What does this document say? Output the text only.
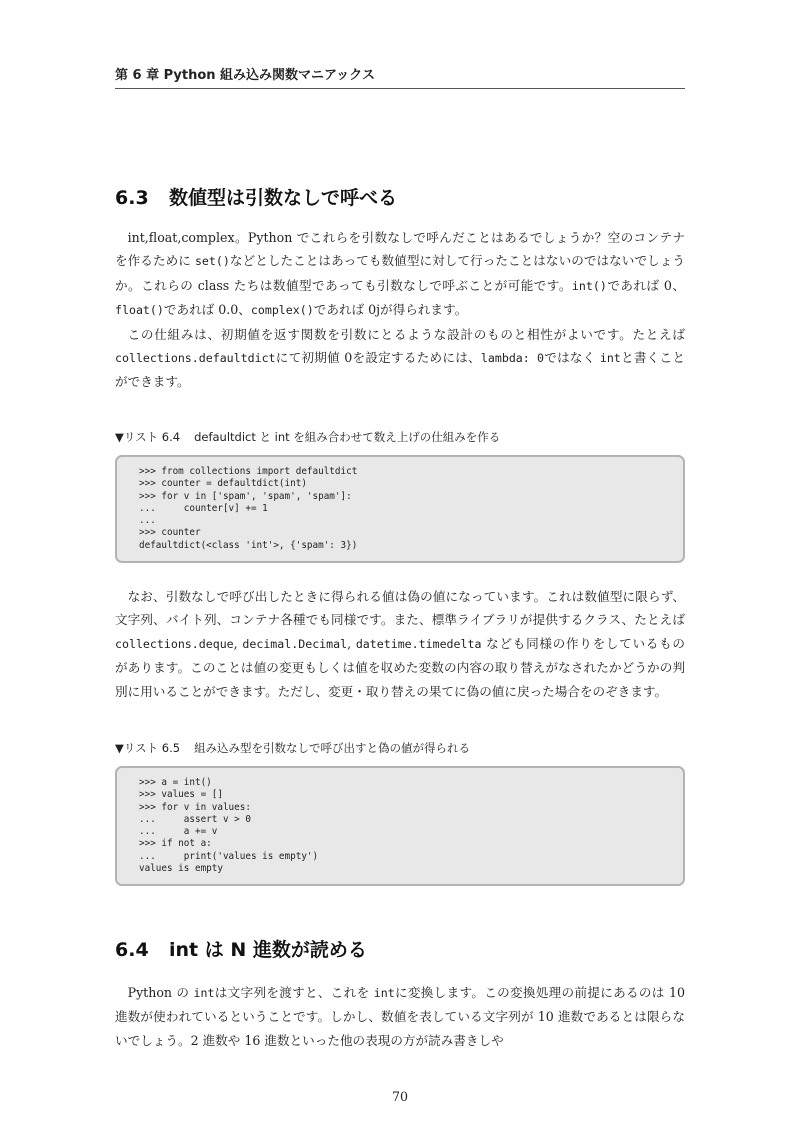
第 6 章 Python 組み込み関数マニアックス
6.3 数値型は引数なしで呼べる

int,float,complex。Python でこれらを引数なしで呼んだことはあるでしょうか？空のコンテナを作るために set()などとしたことはあっても数値型に対して行ったことはないのではないでしょうか。これらの class たちは数値型であっても引数なしで呼ぶことが可能です。int()であれば 0、float()であれば 0.0、complex()であれば 0jが得られます。

この仕組みは、初期値を返す関数を引数にとるような設計のものと相性がよいです。たとえば collections.defaultdictにて初期値 0を設定するためには、lambda: 0ではなく intと書くことができます。

▼リスト 6.4 defaultdict と int を組み合わせて数え上げの仕組みを作る
>>> from collections import defaultdict
>>> counter = defaultdict(int)
>>> for v in ['spam', 'spam', 'spam']:
...     counter[v] += 1
...
>>> counter
defaultdict(<class 'int'>, {'spam': 3})

なお、引数なしで呼び出したときに得られる値は偽の値になっています。これは数値型に限らず、文字列、バイト列、コンテナ各種でも同様です。また、標準ライブラリが提供するクラス、たとえば collections.deque, decimal.Decimal, datetime.timedelta なども同様の作りをしているものがあります。このことは値の変更もしくは値を収めた変数の内容の取り替えがなされたかどうかの判別に用いることができます。ただし、変更・取り替えの果てに偽の値に戻った場合をのぞきます。

▼リスト 6.5 組み込み型を引数なしで呼び出すと偽の値が得られる
>>> a = int()
>>> values = []
>>> for v in values:
...     assert v > 0
...     a += v
>>> if not a:
...     print('values is empty')
values is empty
6.4 int は N 進数が読める

Python の intは文字列を渡すと、これを intに変換します。この変換処理の前提にあるのは 10 進数が使われているということです。しかし、数値を表している文字列が 10 進数であるとは限らないでしょう。2 進数や 16 進数といった他の表現の方が読み書きしや

70
